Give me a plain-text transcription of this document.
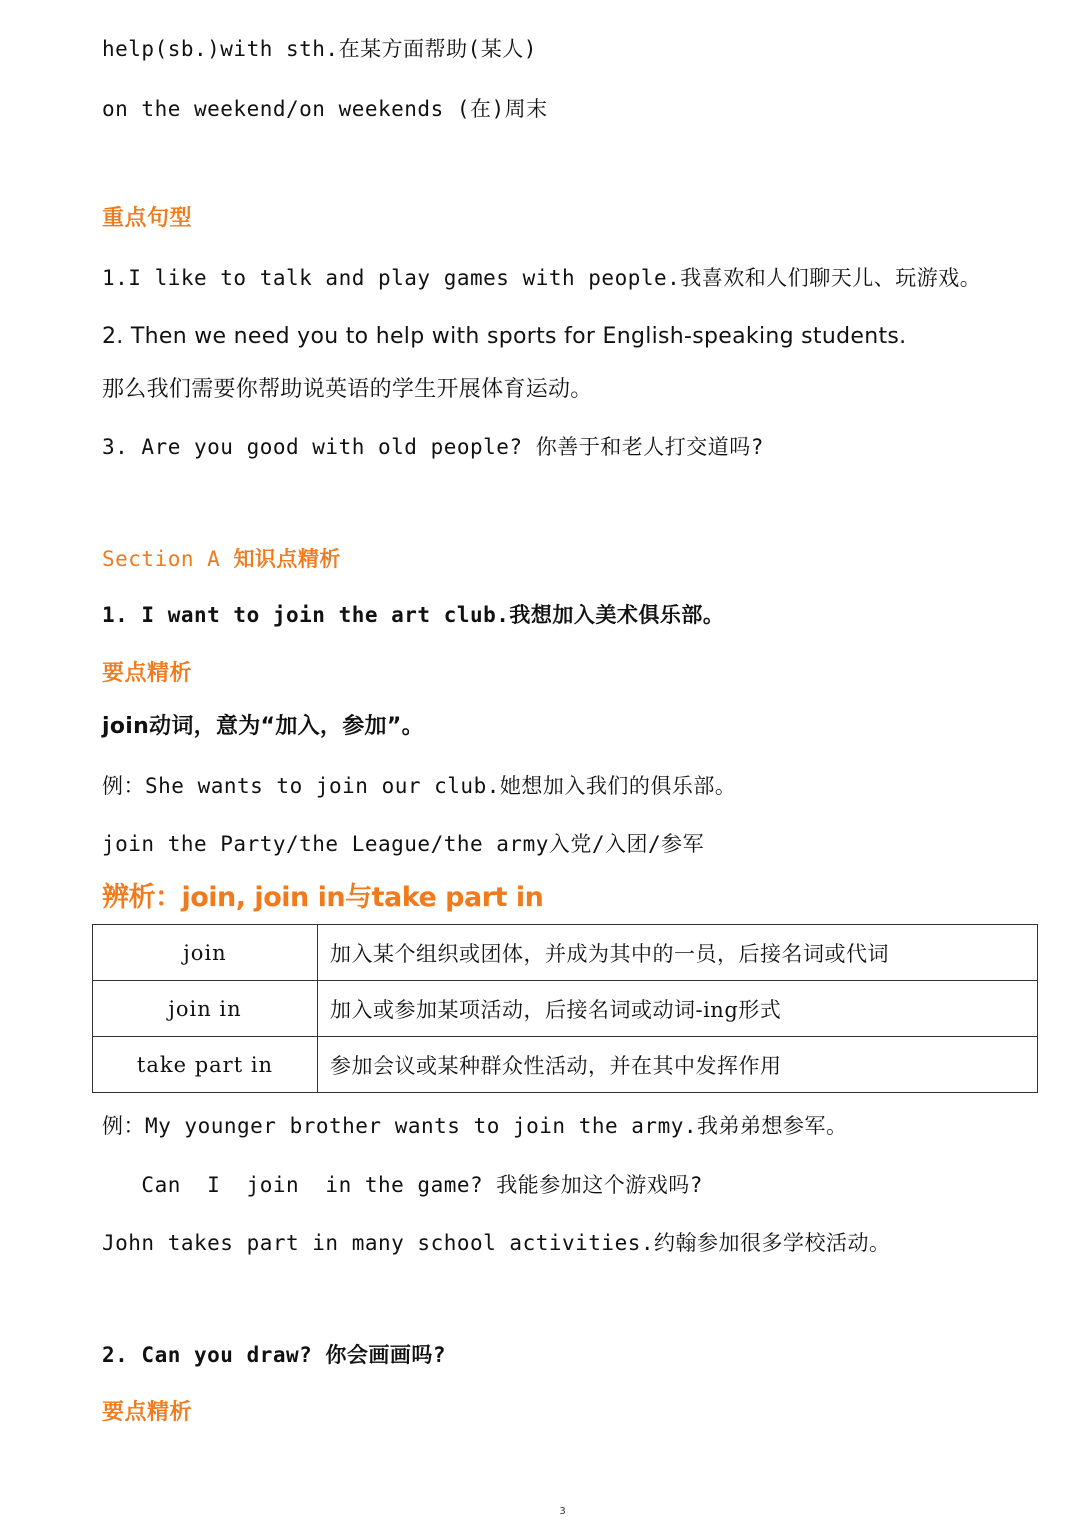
help(sb.)with sth.在某方面帮助(某人)
on the weekend/on weekends (在)周末
重点句型
1.I like to talk and play games with people.我喜欢和人们聊天儿、玩游戏。
2. Then we need you to help with sports for English-speaking students.
那么我们需要你帮助说英语的学生开展体育运动。
3. Are you good with old people? 你善于和老人打交道吗?
Section A 知识点精析
1. I want to join the art club.我想加入美术俱乐部。
要点精析
join动词，意为“加入，参加”。
例：She wants to join our club.她想加入我们的俱乐部。
join the Party/the League/the army入党/入团/参军
辨析：join, join in与take part in
join	加入某个组织或团体，并成为其中的一员，后接名词或代词
join in	加入或参加某项活动，后接名词或动词-ing形式
take part in	参加会议或某种群众性活动，并在其中发挥作用
例：My younger brother wants to join the army.我弟弟想参军。
Can  I  join  in the game? 我能参加这个游戏吗?
John takes part in many school activities.约翰参加很多学校活动。
2. Can you draw? 你会画画吗?
要点精析
3
